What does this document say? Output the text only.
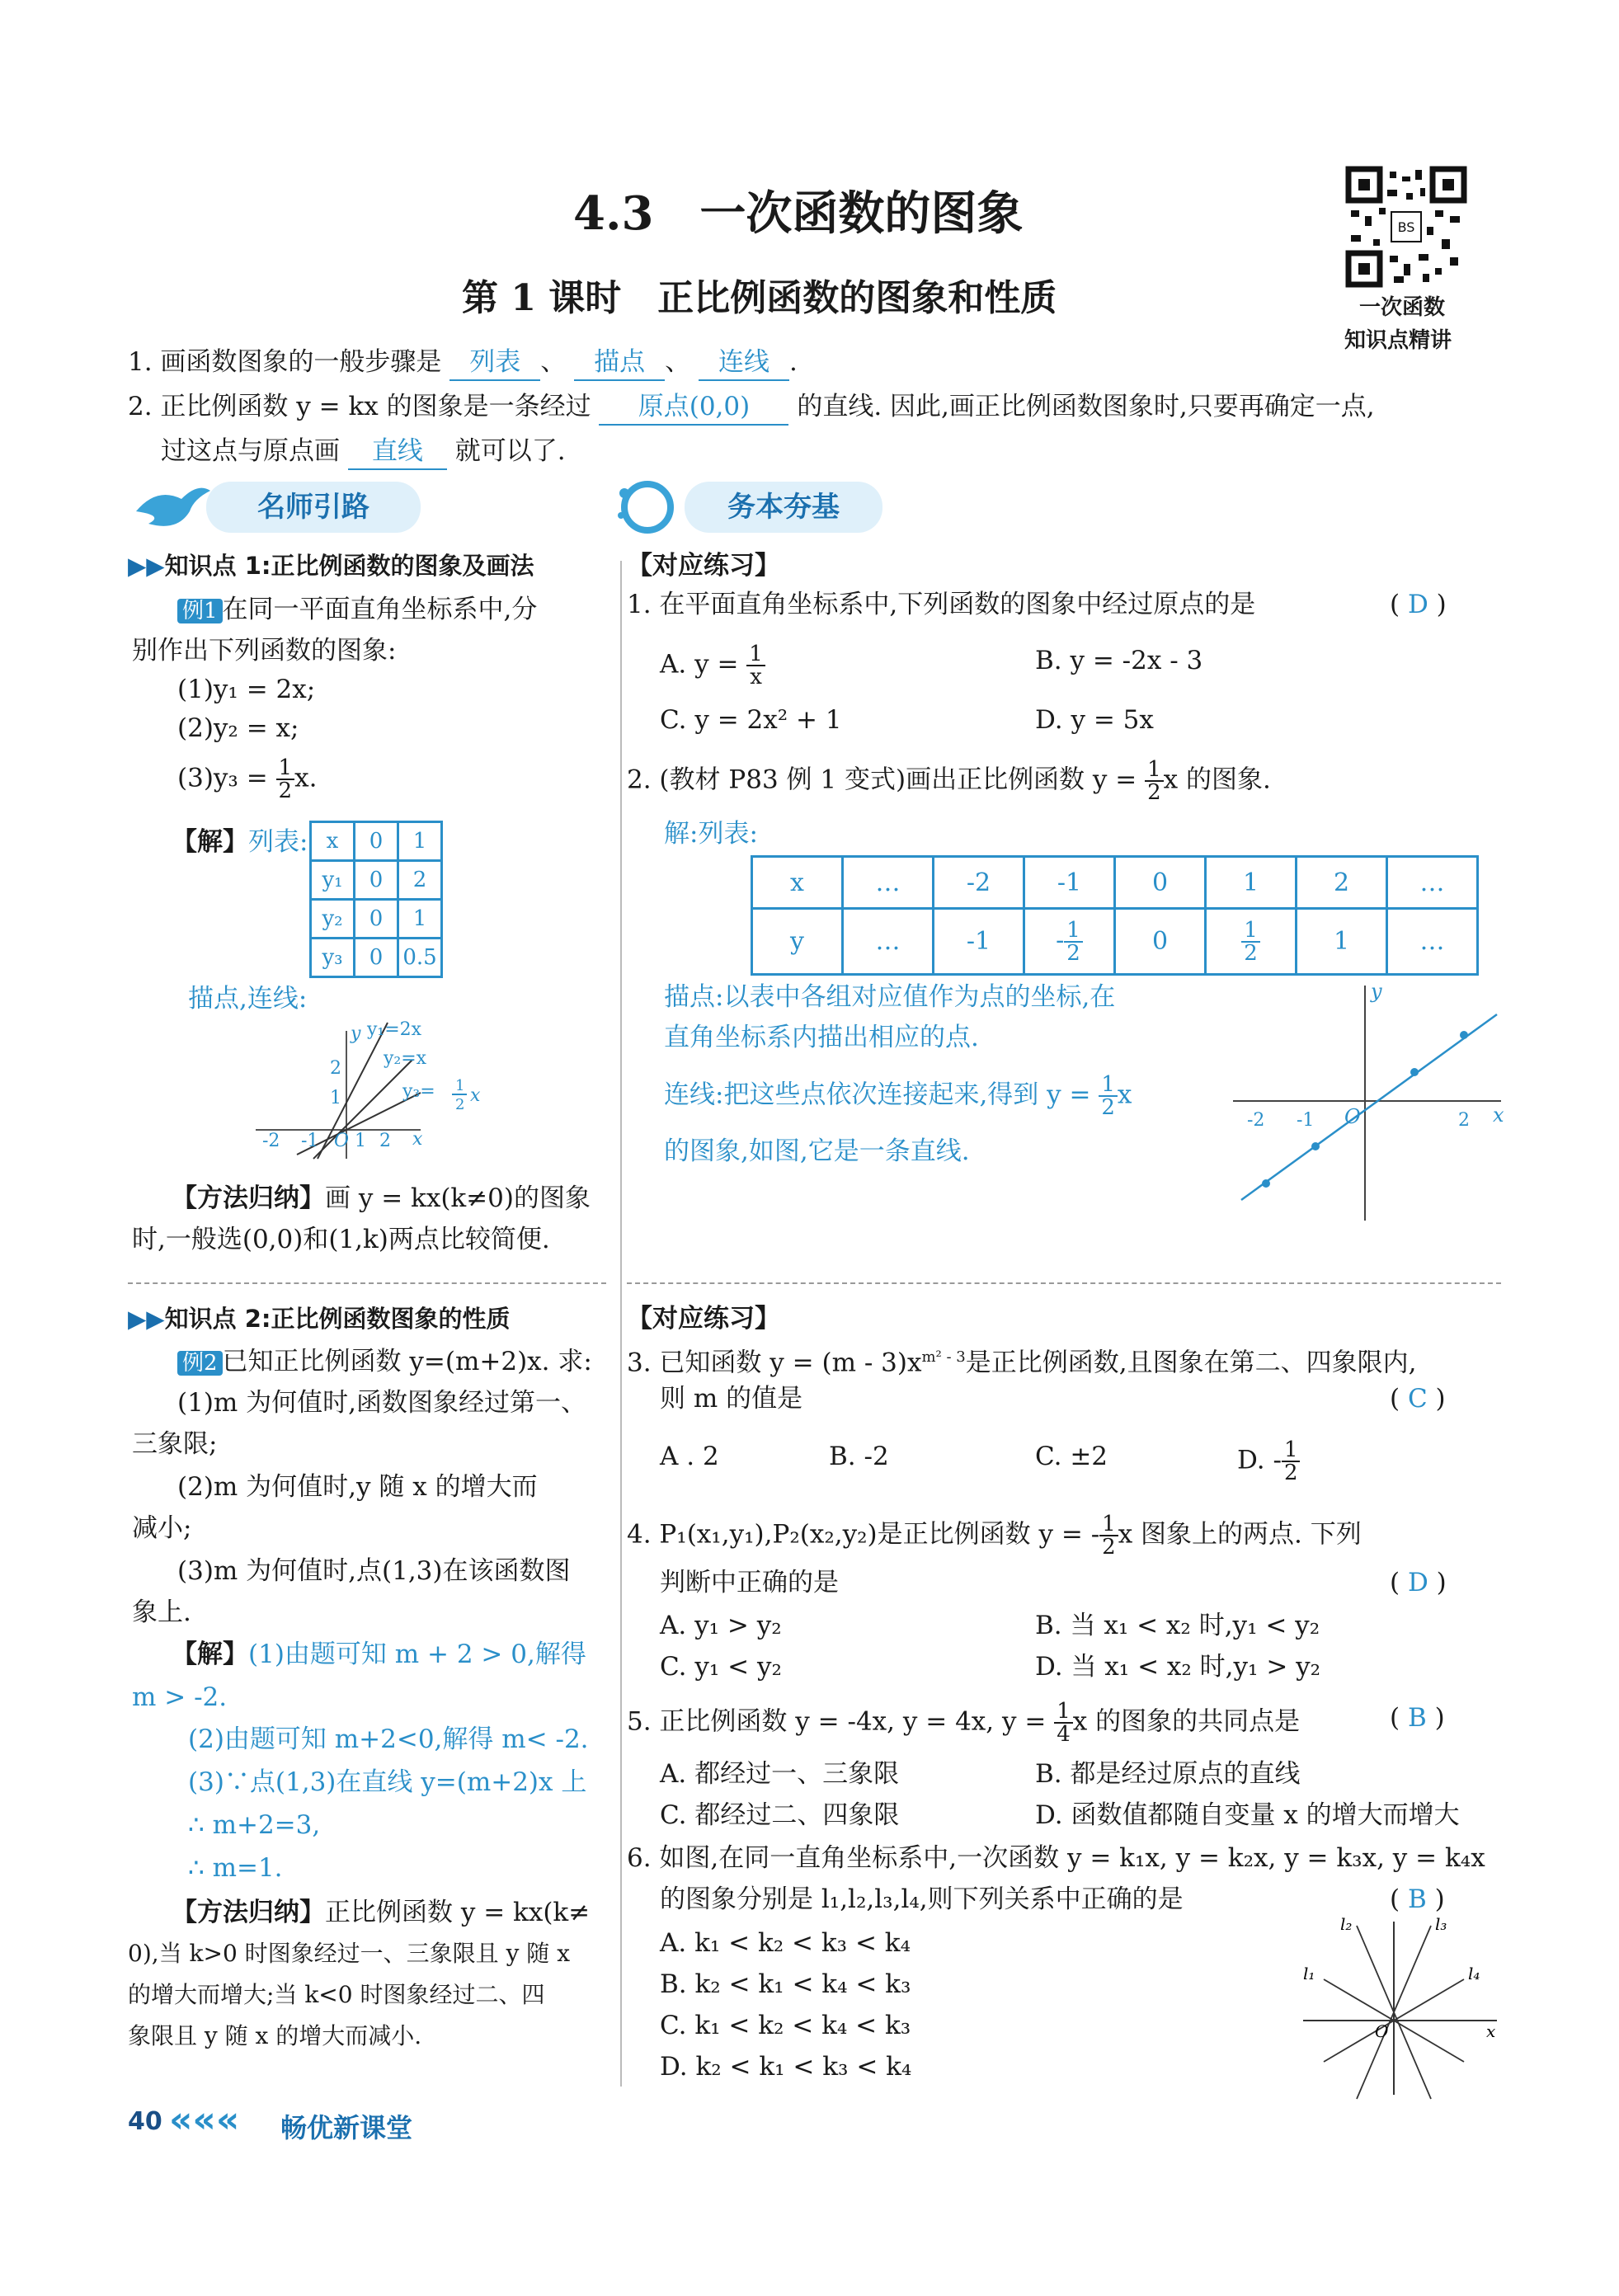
4.3　一次函数的图象
第 1 课时　正比例函数的图象和性质
BS
一次函数
知识点精讲
1. 画函数图象的一般步骤是 列表 、 描点 、 连线 .
2. 正比例函数 y = kx 的图象是一条经过 原点(0,0) 的直线. 因此,画正比例函数图象时,只要再确定一点,
过这点与原点画 直线 就可以了.
名师引路	务本夯基
▶▶知识点 1:正比例函数的图象及画法
例1 在同一平面直角坐标系中,分
别作出下列函数的图象:
(1)y₁ = 2x;
(2)y₂ = x;
$(3)y_3 = \frac{1}{2} x$.
【解】列表: x	0	1
y₁	0	2
y₂	0	1
y₃	0	0.5
描点,连线:
x
y y₁=2x
y₂=x
y₃= 1
2 x
O 1 2
-2 -1
2
1
【方法归纳】画 y = kx(k≠0)的图象
时,一般选(0,0)和(1,k)两点比较简便.
▶▶知识点 2:正比例函数图象的性质
例2 已知正比例函数 y=(m+2)x. 求:
(1)m 为何值时,函数图象经过第一、
三象限;
(2)m 为何值时,y 随 x 的增大而
减小;
(3)m 为何值时,点(1,3)在该函数图
象上.
【解】(1)由题可知 m + 2 > 0,解得
m > -2.
(2)由题可知 m+2<0,解得 m< -2.
(3)∵点(1,3)在直线 y=(m+2)x 上
∴ m+2=3,
∴ m=1.
【方法归纳】正比例函数 y = kx(k≠
0),当 k>0 时图象经过一、三象限且 y 随 x
的增大而增大;当 k<0 时图象经过二、四
象限且 y 随 x 的增大而减小.
【对应练习】
1. 在平面直角坐标系中,下列函数的图象中经过原点的是	( D )
A. $y = \frac{1}{x}$	B. y = -2x - 3
C. y = 2x² + 1	D. y = 5x
2. (教材 P83 例 1 变式)画出正比例函数 $y = \frac{1}{2}$ x 的图象.
解:列表:
x	…	-2	-1	0	1	2	…
y	…	-1	- $\frac{1}{2}$	0	$\frac{1}{2}$	1	…
描点:以表中各组对应值作为点的坐标,在
直角坐标系内描出相应的点.
连线:把这些点依次连接起来,得到 $y = \frac{1}{2}$ x
的图象,如图,它是一条直线.
x
y
O
-2 -1	2
【对应练习】
3. 已知函数 $y = (m - 3)x^{m^2 - 3}$是正比例函数,且图象在第二、四象限内,
则 m 的值是	( C )
A . 2	B. -2	C. ±2	D. - $\frac{1}{2}$
4. P₁(x₁,y₁),P₂(x₂,y₂)是正比例函数 y = - $\frac{1}{2}$ x 图象上的两点. 下列
判断中正确的是	( D )
A. y₁ > y₂	B. 当 x₁ < x₂ 时,y₁ < y₂
C. y₁ < y₂	D. 当 x₁ < x₂ 时,y₁ > y₂
5. 正比例函数 y = -4x, y = 4x, $y = \frac{1}{4}$ x 的图象的共同点是	( B )
A. 都经过一、三象限	B. 都是经过原点的直线
C. 都经过二、四象限	D. 函数值都随自变量 x 的增大而增大
6. 如图,在同一直角坐标系中,一次函数 y = k₁x, y = k₂x, y = k₃x, y = k₄x
的图象分别是 l₁,l₂,l₃,l₄,则下列关系中正确的是	( B )
A. k₁ < k₂ < k₃ < k₄
B. k₂ < k₁ < k₄ < k₃
C. k₁ < k₂ < k₄ < k₃
D. k₂ < k₁ < k₃ < k₄
l₁
l₂	l₃
l₄
O	x
40 ««« 畅优新课堂
